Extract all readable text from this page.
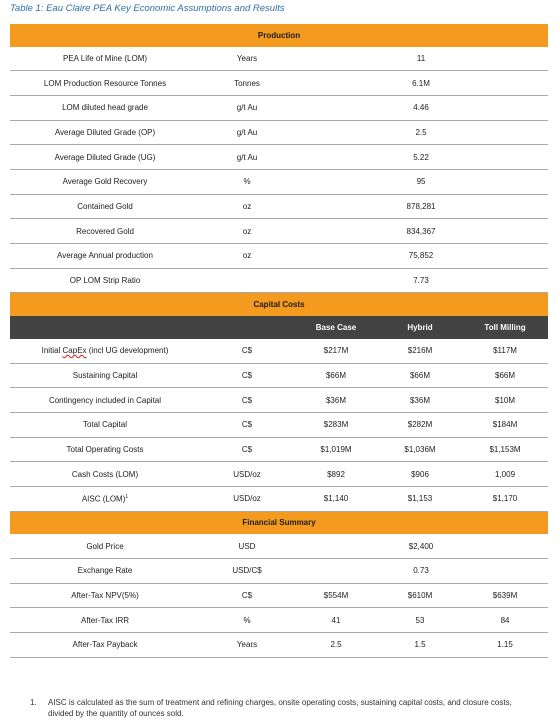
Table 1: Eau Claire PEA Key Economic Assumptions and Results
Production				
PEA Life of Mine (LOM)	Years	11		
LOM Production Resource Tonnes	Tonnes	6.1M		
LOM diluted head grade	g/t Au	4.46		
Average Diluted Grade (OP)	g/t Au	2.5		
Average Diluted Grade (UG)	g/t Au	5.22		
Average Gold Recovery	%	95		
Contained Gold	oz	878,281		
Recovered Gold	oz	834,367		
Average Annual production	oz	75,852		
OP LOM Strip Ratio		7.73		
Capital Costs				
		Base Case	Hybrid	Toll Milling
Initial CapEx (incl UG development)	C$	$217M	$216M	$117M
Sustaining Capital	C$	$66M	$66M	$66M
Contingency included in Capital	C$	$36M	$36M	$10M
Total Capital	C$	$283M	$282M	$184M
Total Operating Costs	C$	$1,019M	$1,036M	$1,153M
Cash Costs (LOM)	USD/oz	$892	$906	1,009
AISC (LOM)$^1$	USD/oz	$1,140	$1,153	$1,170
Financial Summary				
Gold Price	USD	$2,400		
Exchange Rate	USD/C$	0.73		
After-Tax NPV(5%)	C$	$554M	$610M	$639M
After-Tax IRR	%	41	53	84
After-Tax Payback	Years	2.5	1.5	1.15
1. AISC is calculated as the sum of treatment and refining charges, onsite operating costs, sustaining capital costs, and closure costs, divided by the quantity of ounces sold.
